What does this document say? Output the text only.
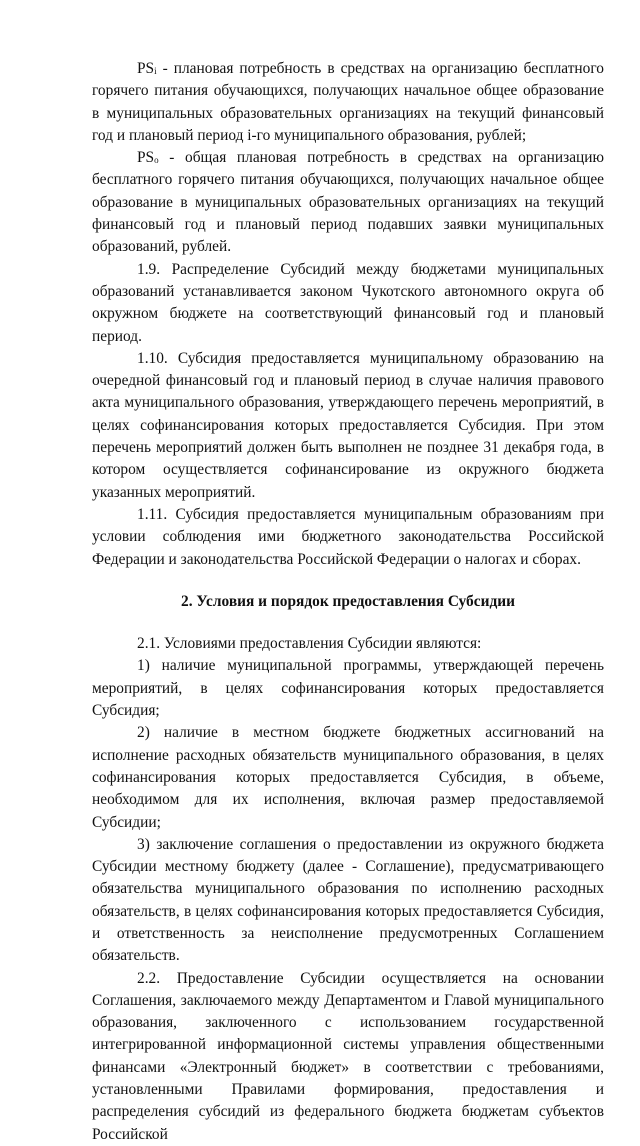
$PS_i$ - плановая потребность в средствах на организацию бесплатного горячего питания обучающихся, получающих начальное общее образование в муниципальных образовательных организациях на текущий финансовый год и плановый период i-го муниципального образования, рублей;

$PS_o$ - общая плановая потребность в средствах на организацию бесплатного горячего питания обучающихся, получающих начальное общее образование в муниципальных образовательных организациях на текущий финансовый год и плановый период подавших заявки муниципальных образований, рублей.

1.9. Распределение Субсидий между бюджетами муниципальных образований устанавливается законом Чукотского автономного округа об окружном бюджете на соответствующий финансовый год и плановый период.

1.10. Субсидия предоставляется муниципальному образованию на очередной финансовый год и плановый период в случае наличия правового акта муниципального образования, утверждающего перечень мероприятий, в целях софинансирования которых предоставляется Субсидия. При этом перечень мероприятий должен быть выполнен не позднее 31 декабря года, в котором осуществляется софинансирование из окружного бюджета указанных мероприятий.

1.11. Субсидия предоставляется муниципальным образованиям при условии соблюдения ими бюджетного законодательства Российской Федерации и законодательства Российской Федерации о налогах и сборах.

2. Условия и порядок предоставления Субсидии

2.1. Условиями предоставления Субсидии являются:

1) наличие муниципальной программы, утверждающей перечень мероприятий, в целях софинансирования которых предоставляется Субсидия;

2) наличие в местном бюджете бюджетных ассигнований на исполнение расходных обязательств муниципального образования, в целях софинансирования которых предоставляется Субсидия, в объеме, необходимом для их исполнения, включая размер предоставляемой Субсидии;

3) заключение соглашения о предоставлении из окружного бюджета Субсидии местному бюджету (далее - Соглашение), предусматривающего обязательства муниципального образования по исполнению расходных обязательств, в целях софинансирования которых предоставляется Субсидия, и ответственность за неисполнение предусмотренных Соглашением обязательств.

2.2. Предоставление Субсидии осуществляется на основании Соглашения, заключаемого между Департаментом и Главой муниципального образования, заключенного с использованием государственной интегрированной информационной системы управления общественными финансами «Электронный бюджет» в соответствии с требованиями, установленными Правилами формирования, предоставления и распределения субсидий из федерального бюджета бюджетам субъектов Российской
